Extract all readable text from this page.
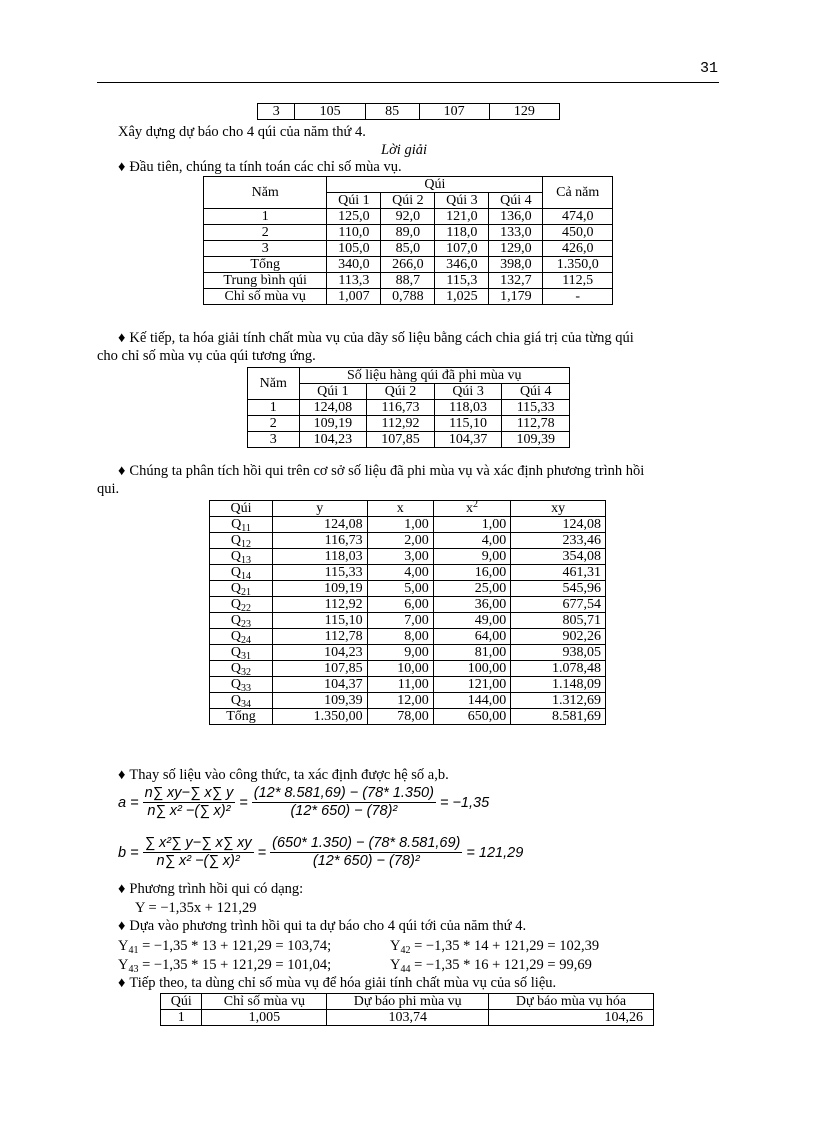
31
3	105	85	107	129
Xây dựng dự báo cho 4 qúi của năm thứ 4.
Lời giải
♦ Đầu tiên, chúng ta tính toán các chỉ số mùa vụ.
Năm	Qúi				Cả năm
	Qúi 1	Qúi 2	Qúi 3	Qúi 4	
1	125,0	92,0	121,0	136,0	474,0
2	110,0	89,0	118,0	133,0	450,0
3	105,0	85,0	107,0	129,0	426,0
Tổng	340,0	266,0	346,0	398,0	1.350,0
Trung bình qúi	113,3	88,7	115,3	132,7	112,5
Chỉ số mùa vụ	1,007	0,788	1,025	1,179	-
♦ Kế tiếp, ta hóa giải tính chất mùa vụ của dãy số liệu bằng cách chia giá trị của từng qúi
cho chỉ số mùa vụ của qúi tương ứng.
Năm	Số liệu hàng qúi đã phi mùa vụ			
	Qúi 1	Qúi 2	Qúi 3	Qúi 4
1	124,08	116,73	118,03	115,33
2	109,19	112,92	115,10	112,78
3	104,23	107,85	104,37	109,39
♦ Chúng ta phân tích hồi qui trên cơ sở số liệu đã phi mùa vụ và xác định phương trình hồi
qui.
Qúi	y	x	$x^2$	xy
$Q_{11}$	124,08	1,00	1,00	124,08
$Q_{12}$	116,73	2,00	4,00	233,46
$Q_{13}$	118,03	3,00	9,00	354,08
$Q_{14}$	115,33	4,00	16,00	461,31
$Q_{21}$	109,19	5,00	25,00	545,96
$Q_{22}$	112,92	6,00	36,00	677,54
$Q_{23}$	115,10	7,00	49,00	805,71
$Q_{24}$	112,78	8,00	64,00	902,26
$Q_{31}$	104,23	9,00	81,00	938,05
$Q_{32}$	107,85	10,00	100,00	1.078,48
$Q_{33}$	104,37	11,00	121,00	1.148,09
$Q_{34}$	109,39	12,00	144,00	1.312,69
Tổng	1.350,00	78,00	650,00	8.581,69
♦ Thay số liệu vào công thức, ta xác định được hệ số a,b.
$a = \frac{n\sum xy-\sum x\sum y}{\text{n∑ x² −(∑ x)²}} = \frac{(12* 8.581,69) - (78* 1.350)}{\text{(12* 650) − (78)²}} = -1,35$
$b = \frac{\text{∑ x²∑ y−∑ x∑ xy}}{\text{n∑ x² −(∑ x)²}} = \frac{(650* 1.350) - (78* 8.581,69)}{\text{(12* 650) − (78)²}} = 121,29$
♦ Phương trình hồi qui có dạng:
Y = −1,35x + 121,29
♦ Dựa vào phương trình hồi qui ta dự báo cho 4 qúi tới của năm thứ 4.
$Y_{41} = -1,35 * 13 + 121,29 = 103,74$;	$Y_{42} = -1,35 * 14 + 121,29 = 102,39$
$Y_{43} = -1,35 * 15 + 121,29 = 101,04$;	$Y_{44} = -1,35 * 16 + 121,29 = 99,69$
♦ Tiếp theo, ta dùng chỉ số mùa vụ để hóa giải tính chất mùa vụ của số liệu.
Qúi	Chỉ số mùa vụ	Dự báo phi mùa vụ	Dự báo mùa vụ hóa
1	1,005	103,74	104,26
